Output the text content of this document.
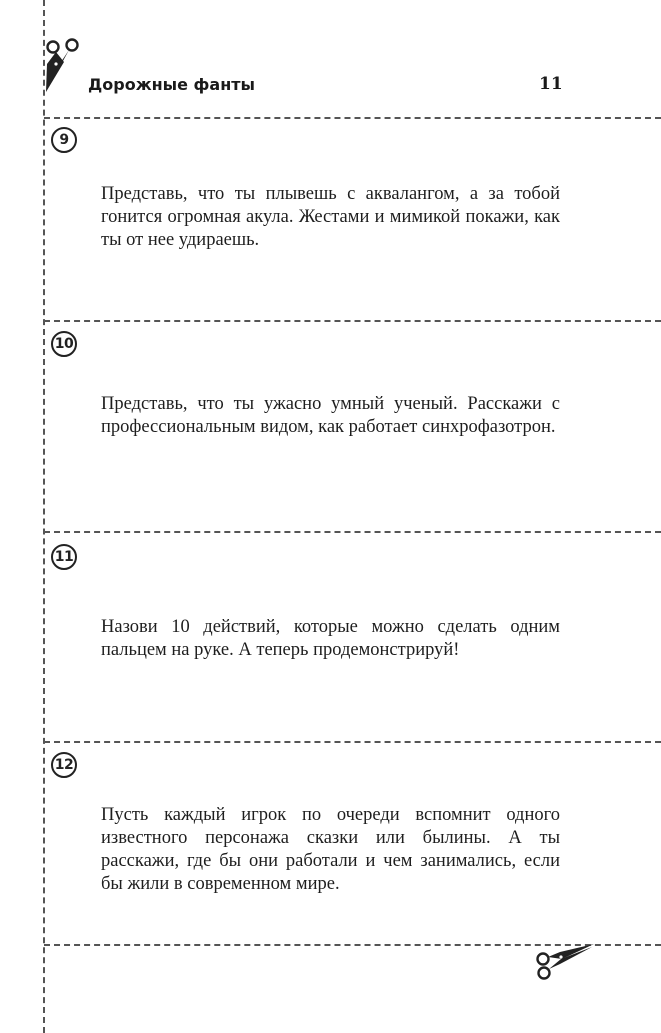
Дорожные фанты	11
9

Представь, что ты плывешь с аквалангом, а за тобой гонится огромная акула. Жестами и мимикой покажи, как ты от нее удираешь.

10

Представь, что ты ужасно умный ученый. Расскажи с профессиональным видом, как работает синхрофазотрон.

11

Назови 10 действий, которые можно сделать одним пальцем на руке. А теперь продемонстрируй!

12

Пусть каждый игрок по очереди вспомнит одного известного персонажа сказки или былины. А ты расскажи, где бы они работали и чем занимались, если бы жили в современном мире.
